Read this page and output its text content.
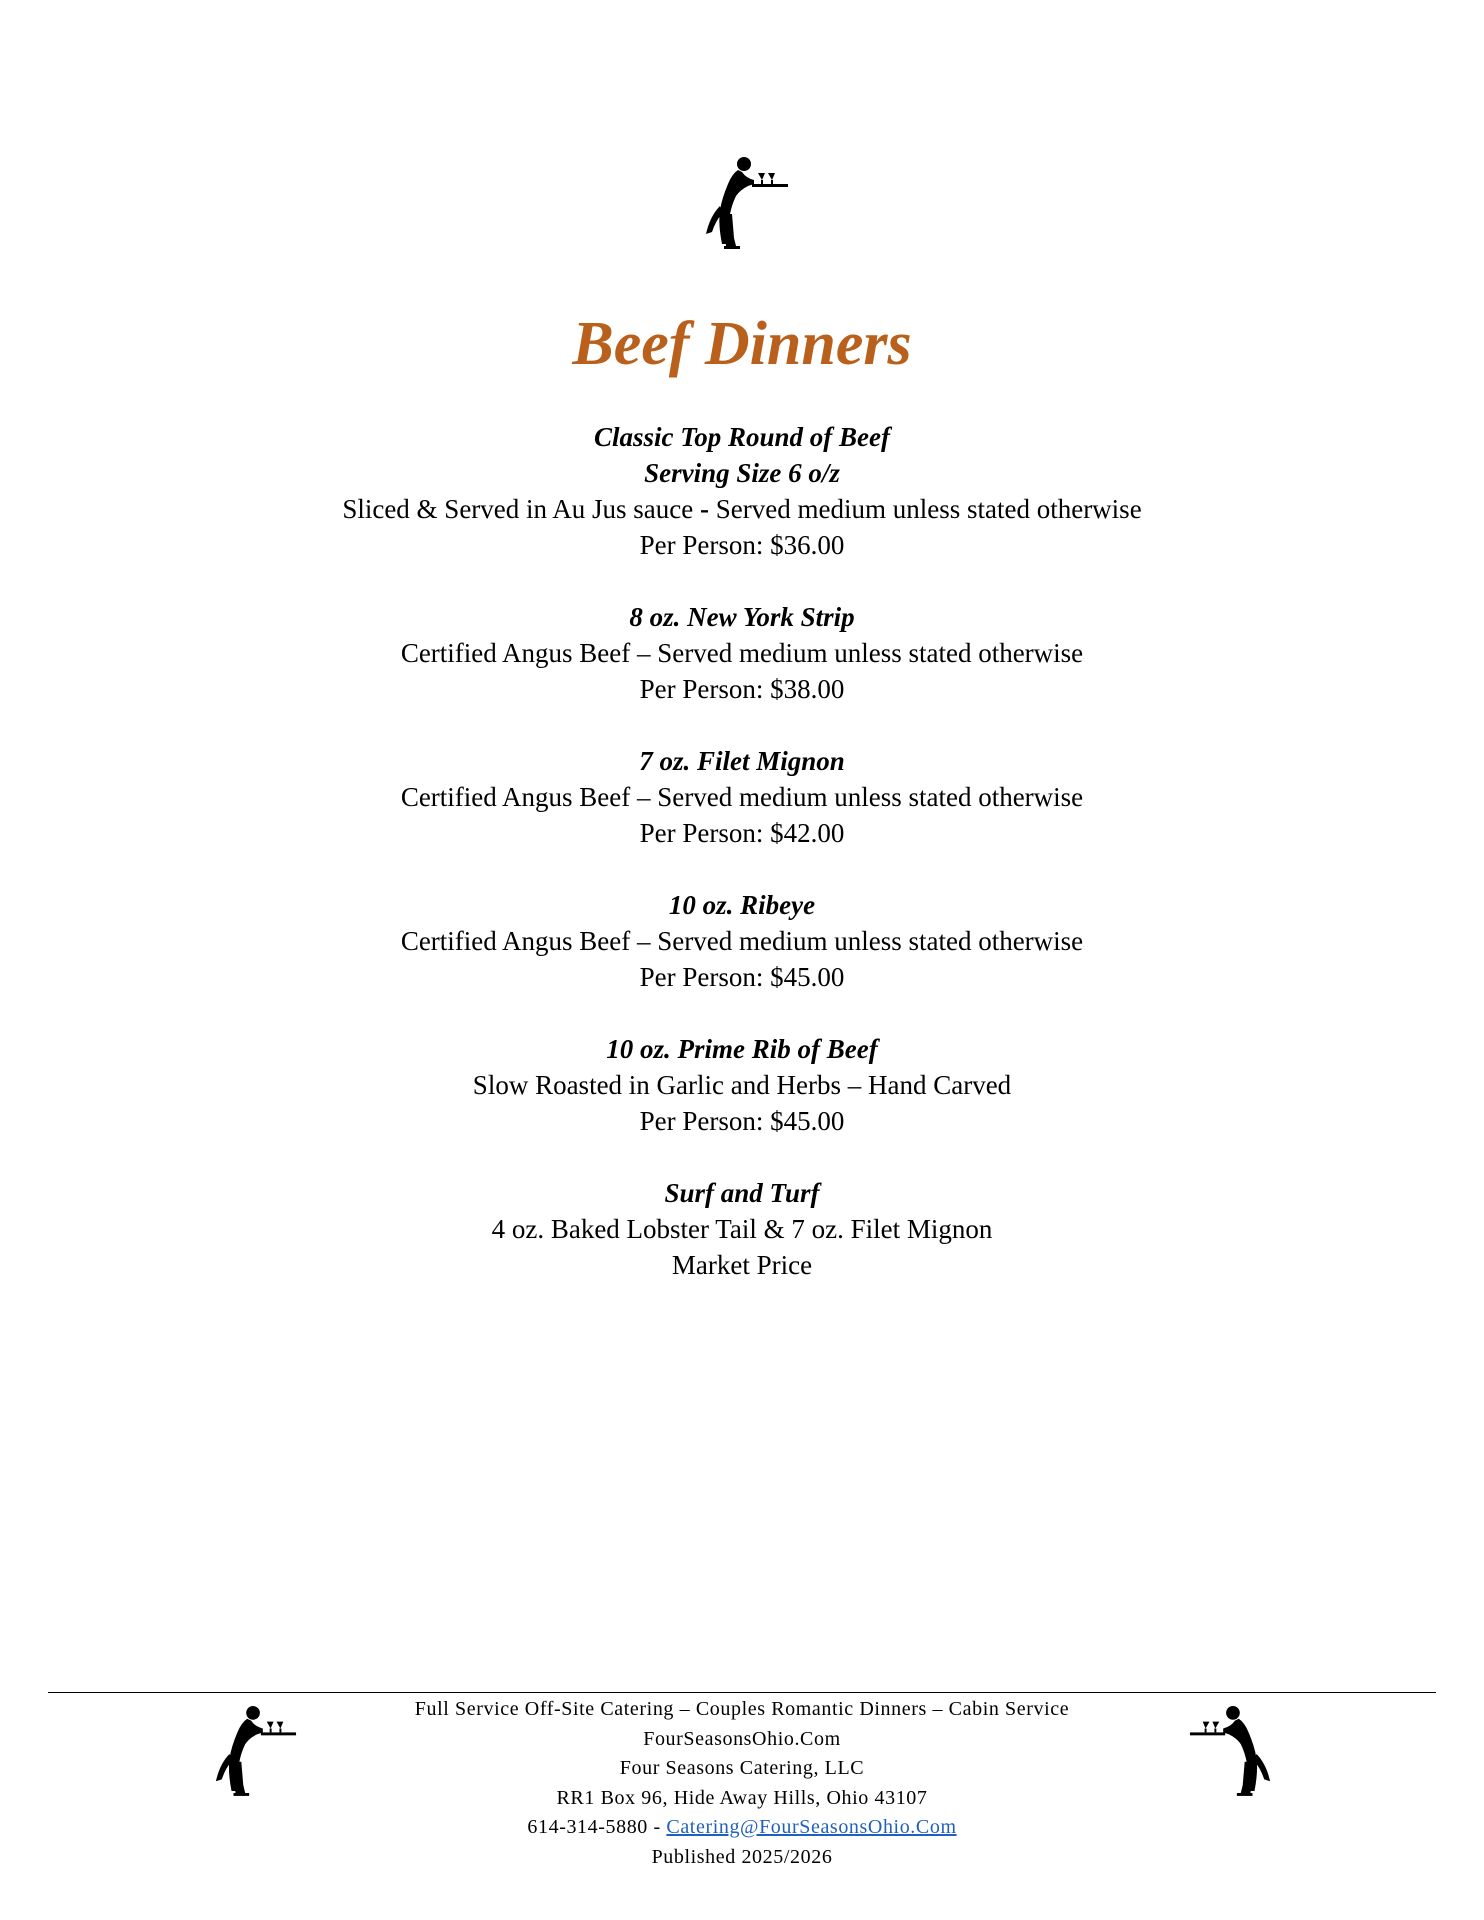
Beef Dinners
Classic Top Round of Beef
Serving Size 6 o/z
Sliced & Served in Au Jus sauce - Served medium unless stated otherwise
Per Person: $36.00
8 oz. New York Strip
Certified Angus Beef – Served medium unless stated otherwise
Per Person: $38.00
7 oz. Filet Mignon
Certified Angus Beef – Served medium unless stated otherwise
Per Person: $42.00
10 oz. Ribeye
Certified Angus Beef – Served medium unless stated otherwise
Per Person: $45.00
10 oz. Prime Rib of Beef
Slow Roasted in Garlic and Herbs – Hand Carved
Per Person: $45.00
Surf and Turf
4 oz. Baked Lobster Tail & 7 oz. Filet Mignon
Market Price
Full Service Off-Site Catering – Couples Romantic Dinners – Cabin Service
FourSeasonsOhio.Com
Four Seasons Catering, LLC
RR1 Box 96, Hide Away Hills, Ohio 43107
614-314-5880 - Catering@FourSeasonsOhio.Com
Published 2025/2026
